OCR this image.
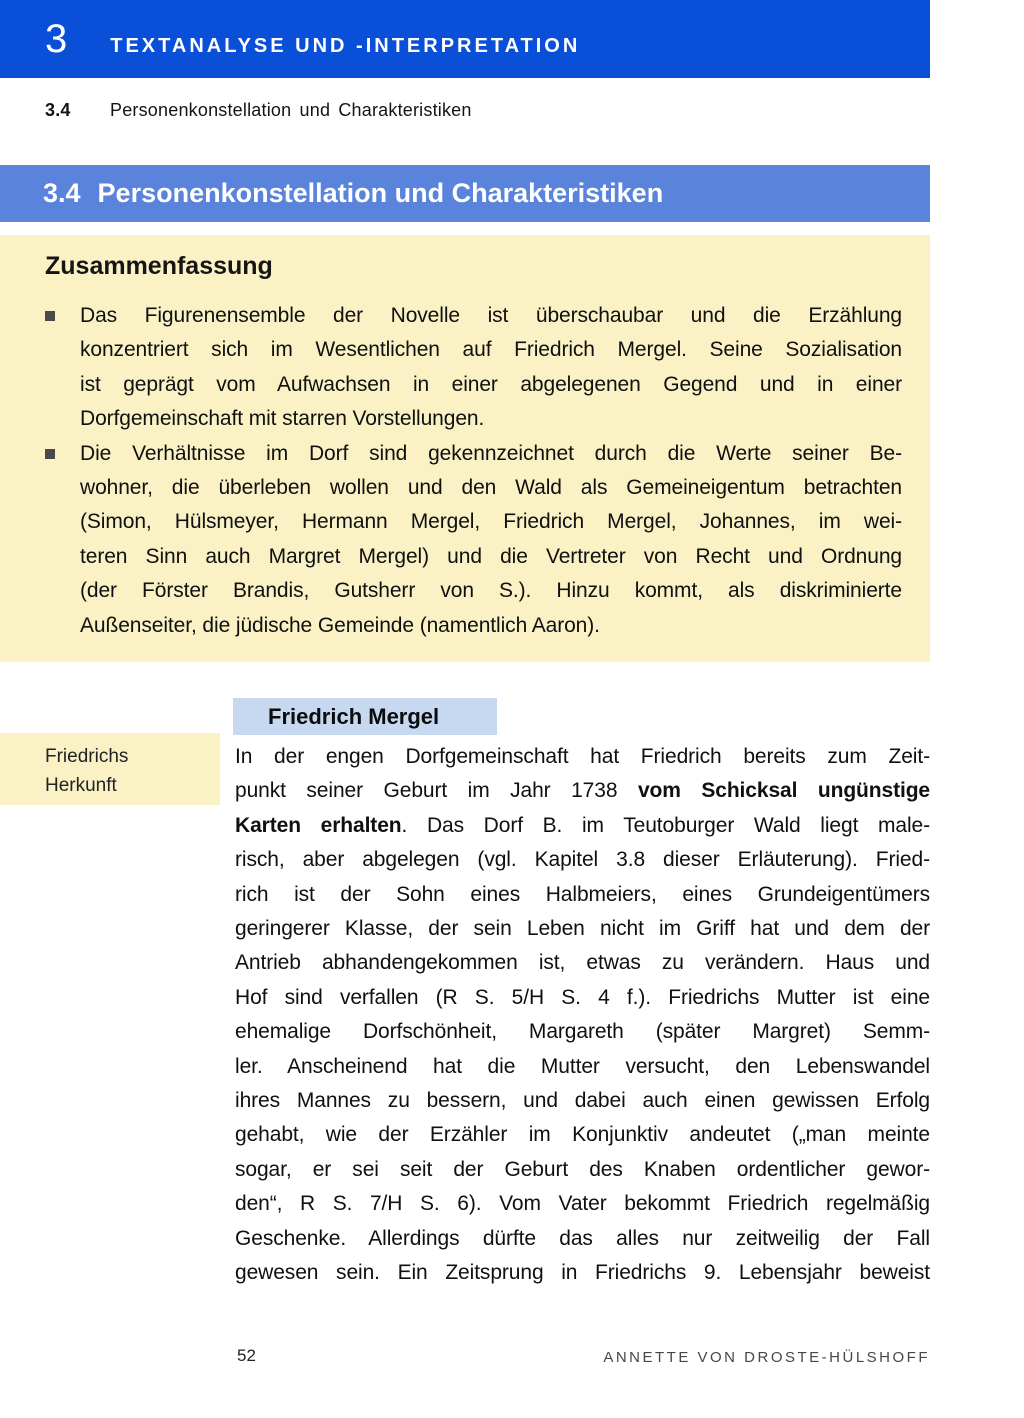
3 TEXTANALYSE UND -INTERPRETATION
3.4	Personenkonstellation und Charakteristiken
3.4 Personenkonstellation und Charakteristiken
Zusammenfassung
Das Figurenensemble der Novelle ist überschaubar und die Erzählung
konzentriert sich im Wesentlichen auf Friedrich Mergel. Seine Sozialisation
ist geprägt vom Aufwachsen in einer abgelegenen Gegend und in einer
Dorfgemeinschaft mit starren Vorstellungen.
Die Verhältnisse im Dorf sind gekennzeichnet durch die Werte seiner Be-
wohner, die überleben wollen und den Wald als Gemeineigentum betrachten
(Simon, Hülsmeyer, Hermann Mergel, Friedrich Mergel, Johannes, im wei-
teren Sinn auch Margret Mergel) und die Vertreter von Recht und Ordnung
(der Förster Brandis, Gutsherr von S.). Hinzu kommt, als diskriminierte
Außenseiter, die jüdische Gemeinde (namentlich Aaron).
Friedrich Mergel
Friedrichs
Herkunft
In der engen Dorfgemeinschaft hat Friedrich bereits zum Zeit-
punkt seiner Geburt im Jahr 1738 vom Schicksal ungünstige
Karten erhalten. Das Dorf B. im Teutoburger Wald liegt male-
risch, aber abgelegen (vgl. Kapitel 3.8 dieser Erläuterung). Fried-
rich ist der Sohn eines Halbmeiers, eines Grundeigentümers
geringerer Klasse, der sein Leben nicht im Griff hat und dem der
Antrieb abhandengekommen ist, etwas zu verändern. Haus und
Hof sind verfallen (R S. 5/H S. 4 f.). Friedrichs Mutter ist eine
ehemalige Dorfschönheit, Margareth (später Margret) Semm-
ler. Anscheinend hat die Mutter versucht, den Lebenswandel
ihres Mannes zu bessern, und dabei auch einen gewissen Erfolg
gehabt, wie der Erzähler im Konjunktiv andeutet („man meinte
sogar, er sei seit der Geburt des Knaben ordentlicher gewor-
den“, R S. 7/H S. 6). Vom Vater bekommt Friedrich regelmäßig
Geschenke. Allerdings dürfte das alles nur zeitweilig der Fall
gewesen sein. Ein Zeitsprung in Friedrichs 9. Lebensjahr beweist
52	ANNETTE VON DROSTE-HÜLSHOFF
